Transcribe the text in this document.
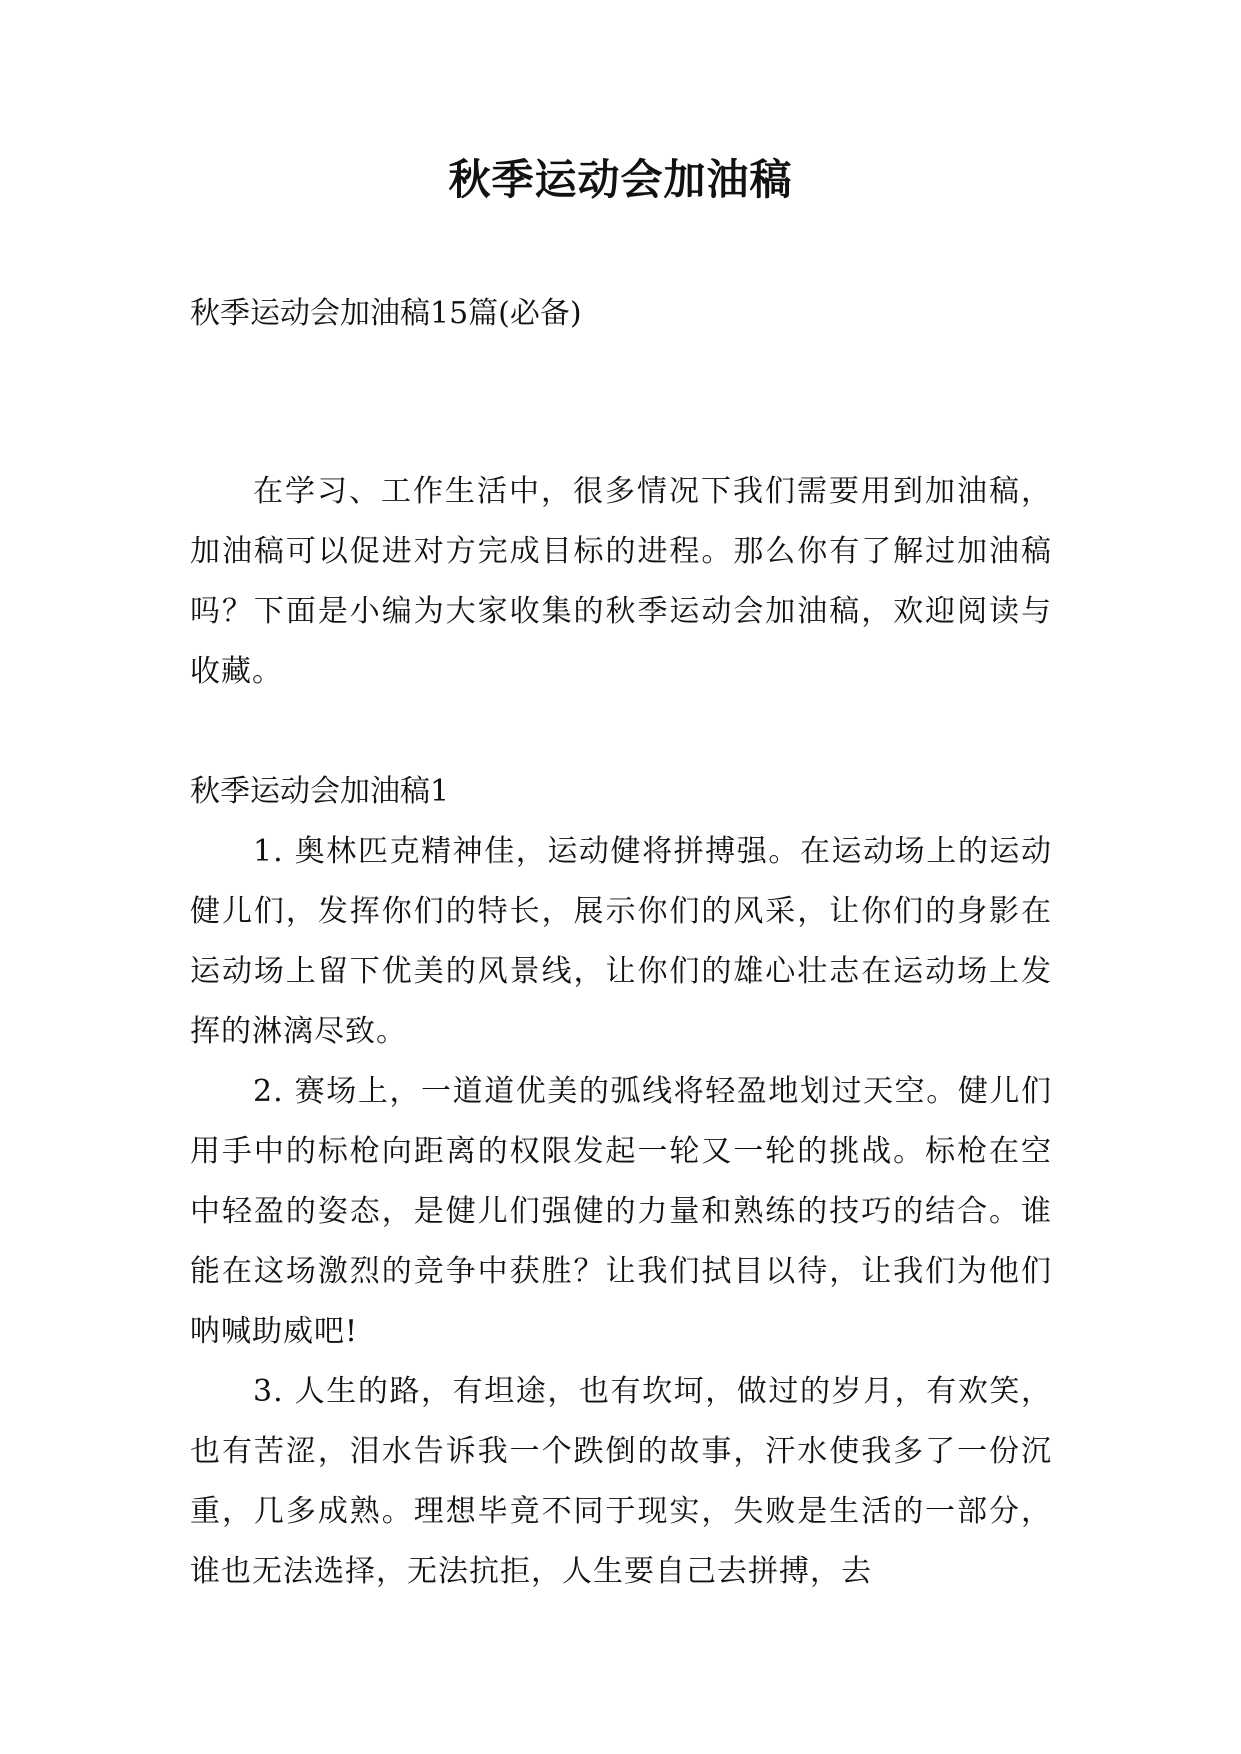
秋季运动会加油稿
秋季运动会加油稿15篇(必备)

在学习、工作生活中，很多情况下我们需要用到加油稿，加油稿可以促进对方完成目标的进程。那么你有了解过加油稿吗？下面是小编为大家收集的秋季运动会加油稿，欢迎阅读与收藏。

秋季运动会加油稿1

1. 奥林匹克精神佳，运动健将拼搏强。在运动场上的运动健儿们，发挥你们的特长，展示你们的风采，让你们的身影在运动场上留下优美的风景线，让你们的雄心壮志在运动场上发挥的淋漓尽致。

2. 赛场上，一道道优美的弧线将轻盈地划过天空。健儿们用手中的标枪向距离的权限发起一轮又一轮的挑战。标枪在空中轻盈的姿态，是健儿们强健的力量和熟练的技巧的结合。谁能在这场激烈的竞争中获胜？让我们拭目以待，让我们为他们呐喊助威吧!

3. 人生的路，有坦途，也有坎坷，做过的岁月，有欢笑，也有苦涩，泪水告诉我一个跌倒的故事，汗水使我多了一份沉重，几多成熟。理想毕竟不同于现实，失败是生活的一部分，谁也无法选择，无法抗拒，人生要自己去拼搏，去
